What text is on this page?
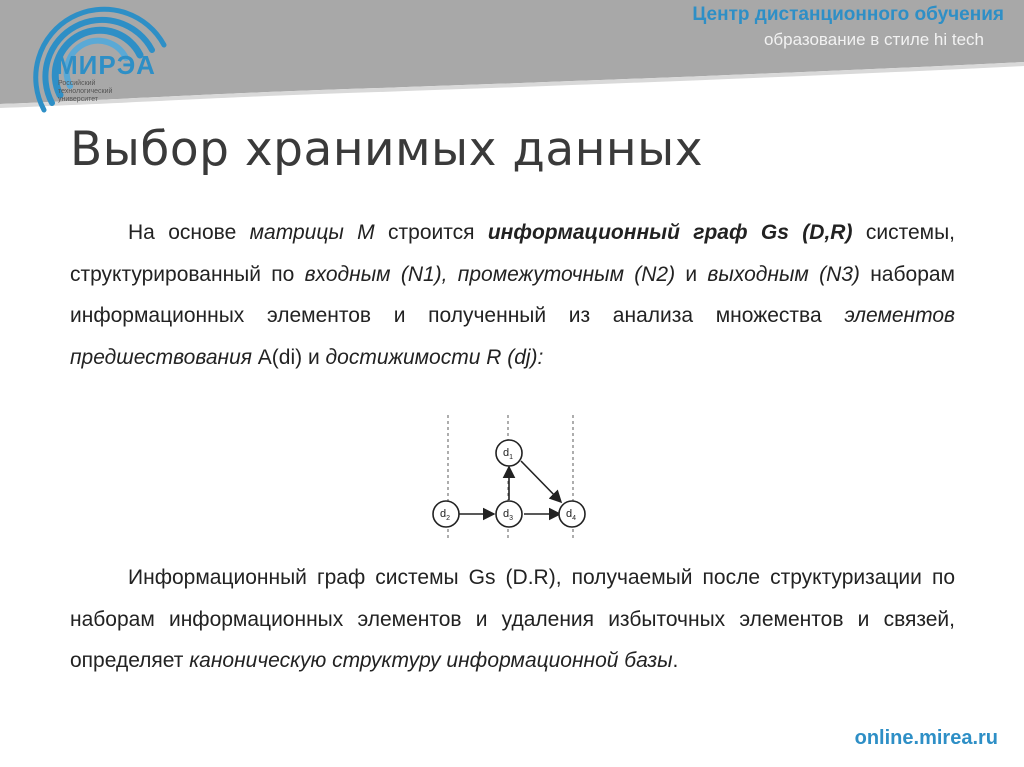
МИРЭА
Российский
технологический
университет
Центр дистанционного обучения
образование в стиле hi tech
Выбор хранимых данных

На основе матрицы M строится информационный граф Gs (D,R) системы, структурированный по входным (N1), промежуточным (N2) и выходным (N3) наборам информационных элементов и полученный из анализа множества элементов предшествования A(di) и достижимости R (dj):

$d_1$
$d_2$	$d_3$	$d_4$

Информационный граф системы Gs (D.R), получаемый после структуризации по наборам информационных элементов и удаления избыточных элементов и связей, определяет каноническую структуру информационной базы.

online.mirea.ru
